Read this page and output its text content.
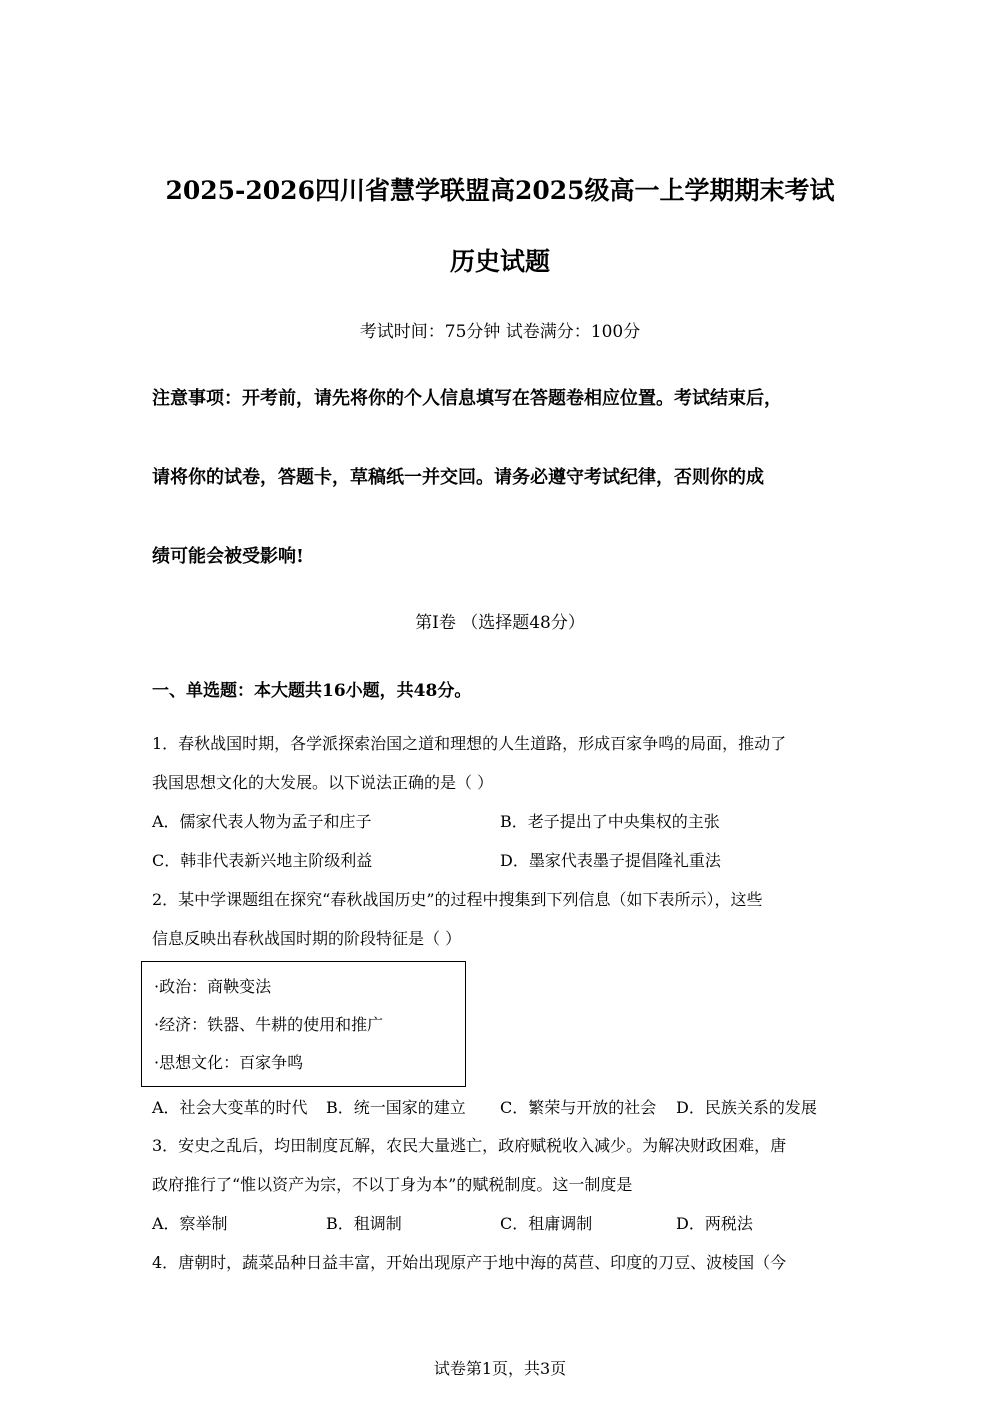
2025-2026四川省慧学联盟高2025级高一上学期期末考试
历史试题
考试时间：75分钟 试卷满分：100分
注意事项：开考前，请先将你的个人信息填写在答题卷相应位置。考试结束后，
请将你的试卷，答题卡，草稿纸一并交回。请务必遵守考试纪律，否则你的成
绩可能会被受影响!
第Ⅰ卷 （选择题48分）
一、单选题：本大题共16小题，共48分。
1．春秋战国时期，各学派探索治国之道和理想的人生道路，形成百家争鸣的局面，推动了
我国思想文化的大发展。以下说法正确的是（ ）
A．儒家代表人物为孟子和庄子	B．老子提出了中央集权的主张
C．韩非代表新兴地主阶级利益	D．墨家代表墨子提倡隆礼重法
2．某中学课题组在探究“春秋战国历史”的过程中搜集到下列信息（如下表所示），这些
信息反映出春秋战国时期的阶段特征是（ ）
·政治：商鞅变法
·经济：铁器、牛耕的使用和推广
·思想文化：百家争鸣
A．社会大变革的时代 B．统一国家的建立 C．繁荣与开放的社会 D．民族关系的发展
3．安史之乱后，均田制度瓦解，农民大量逃亡，政府赋税收入减少。为解决财政困难，唐
政府推行了“惟以资产为宗，不以丁身为本”的赋税制度。这一制度是
A．察举制	B．租调制	C．租庸调制	D．两税法
4．唐朝时，蔬菜品种日益丰富，开始出现原产于地中海的莴苣、印度的刀豆、波棱国（今
试卷第1页，共3页
